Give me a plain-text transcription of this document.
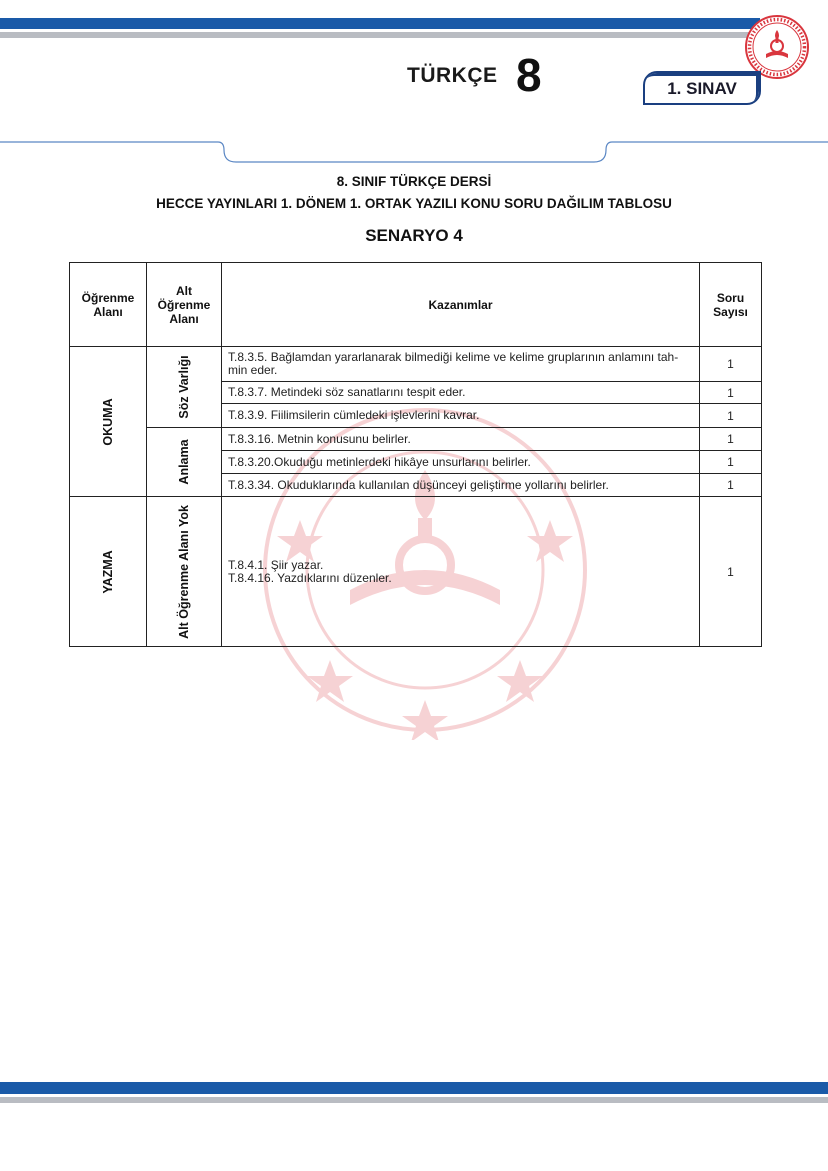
TÜRKÇE 8	1. SINAV
8. SINIF TÜRKÇE DERSİ
HECCE YAYINLARI 1. DÖNEM 1. ORTAK YAZILI KONU SORU DAĞILIM TABLOSU
SENARYO 4
Öğrenme Alanı	Alt Öğrenme Alanı	Kazanımlar	Soru Sayısı

OKUMA	Söz Varlığı	T.8.3.5. Bağlamdan yararlanarak bilmediği kelime ve kelime gruplarının anlamını tah-min eder.	1
		T.8.3.7. Metindeki söz sanatlarını tespit eder.	1
		T.8.3.9. Fiilimsilerin cümledeki işlevlerini kavrar.	1

	Anlama	T.8.3.16. Metnin konusunu belirler.	1
		T.8.3.20.Okuduğu metinlerdeki hikâye unsurlarını belirler.	1
		T.8.3.34. Okuduklarında kullanılan düşünceyi geliştirme yollarını belirler.	1

YAZMA	Alt Öğrenme Alanı Yok	T.8.4.1. Şiir yazar.
T.8.4.16. Yazdıklarını düzenler.	1
